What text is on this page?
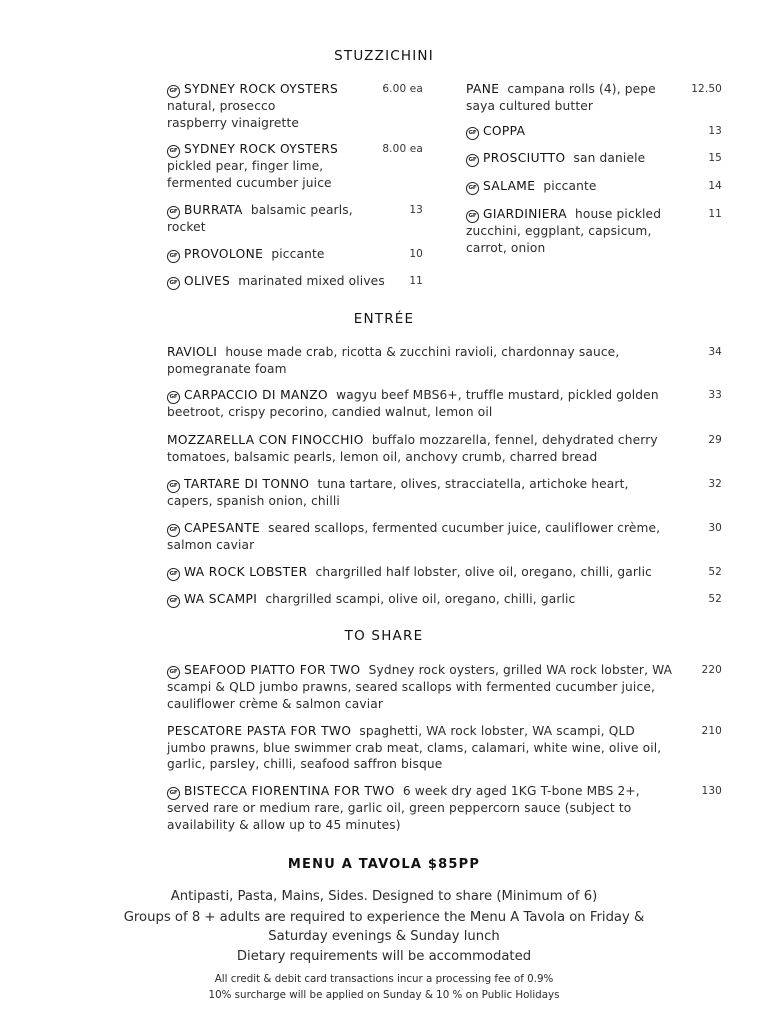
STUZZICHINI
GFSYDNEY ROCK OYSTERS
natural, prosecco raspberry vinaigrette
6.00 ea
GFSYDNEY ROCK OYSTERS
pickled pear, finger lime, fermented cucumber juice
8.00 ea
GFBURRATA balsamic pearls, rocket
13
GFPROVOLONE piccante	10
GFOLIVES marinated mixed olives 11
PANE campana rolls (4), pepe saya cultured butter
12.50
GFCOPPA	13
GFPROSCIUTTO san daniele	15
GFSALAME piccante	14
GFGIARDINIERA house pickled zucchini, eggplant, capsicum, carrot, onion
11
ENTRÉE
RAVIOLI house made crab, ricotta & zucchini ravioli, chardonnay sauce, pomegranate foam
34
GFCARPACCIO DI MANZO wagyu beef MBS6+, truffle mustard, pickled golden beetroot, crispy pecorino, candied walnut, lemon oil
33
MOZZARELLA CON FINOCCHIO buffalo mozzarella, fennel, dehydrated cherry tomatoes, balsamic pearls, lemon oil, anchovy crumb, charred bread
29
GFTARTARE DI TONNO tuna tartare, olives, stracciatella, artichoke heart, capers, spanish onion, chilli
32
GFCAPESANTE seared scallops, fermented cucumber juice, cauliflower crème, salmon caviar
30
GFWA ROCK LOBSTER chargrilled half lobster, olive oil, oregano, chilli, garlic	52
GFWA SCAMPI chargrilled scampi, olive oil, oregano, chilli, garlic	52
TO SHARE
GFSEAFOOD PIATTO FOR TWO Sydney rock oysters, grilled WA rock lobster, WA scampi & QLD jumbo prawns, seared scallops with fermented cucumber juice, cauliflower crème & salmon caviar
220
PESCATORE PASTA FOR TWO spaghetti, WA rock lobster, WA scampi, QLD jumbo prawns, blue swimmer crab meat, clams, calamari, white wine, olive oil, garlic, parsley, chilli, seafood saffron bisque
210
GFBISTECCA FIORENTINA FOR TWO 6 week dry aged 1KG T-bone MBS 2+, served rare or medium rare, garlic oil, green peppercorn sauce (subject to availability & allow up to 45 minutes)
130
MENU A TAVOLA $85PP
Antipasti, Pasta, Mains, Sides. Designed to share (Minimum of 6)
Groups of 8 + adults are required to experience the Menu A Tavola on Friday &
Saturday evenings & Sunday lunch
Dietary requirements will be accommodated
All credit & debit card transactions incur a processing fee of 0.9%
10% surcharge will be applied on Sunday & 10 % on Public Holidays
